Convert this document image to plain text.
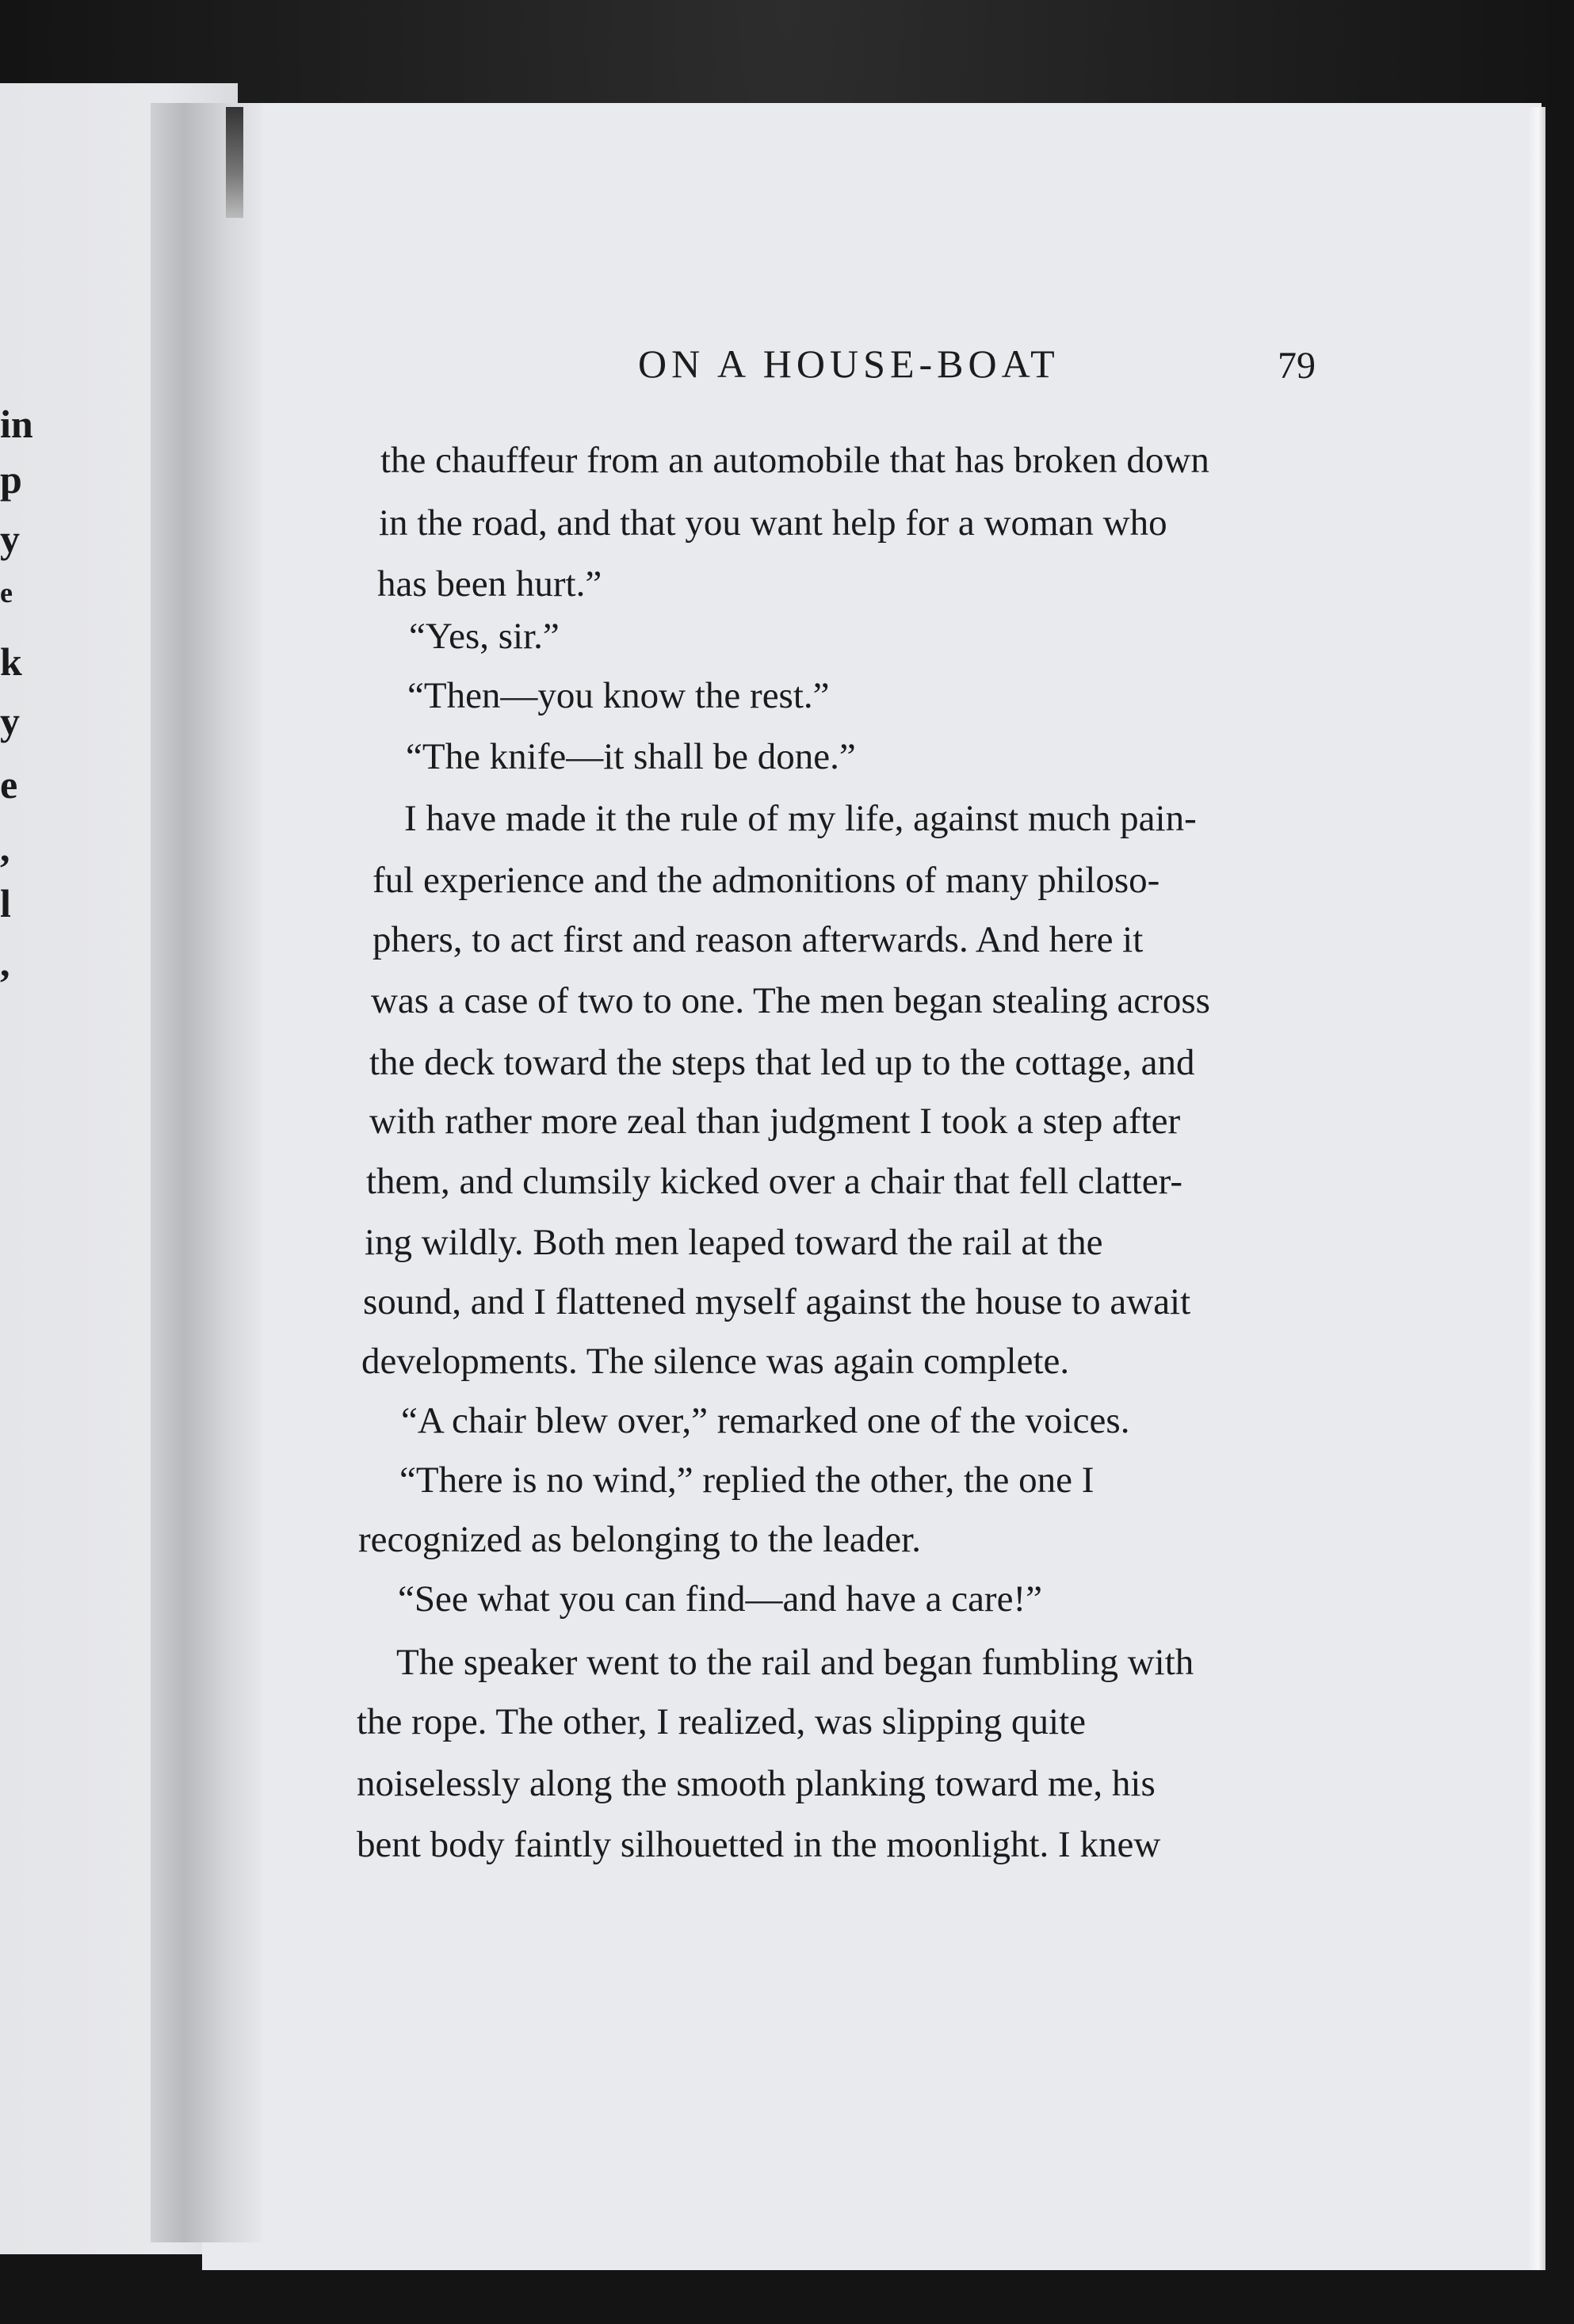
in
p
y
e
k
y
e
,
l
,
ON A HOUSE-BOAT	79
the chauffeur from an automobile that has broken down
in the road, and that you want help for a woman who
has been hurt.”
“Yes, sir.”
“Then—you know the rest.”
“The knife—it shall be done.”
I have made it the rule of my life, against much pain-
ful experience and the admonitions of many philoso-
phers, to act first and reason afterwards. And here it
was a case of two to one. The men began stealing across
the deck toward the steps that led up to the cottage, and
with rather more zeal than judgment I took a step after
them, and clumsily kicked over a chair that fell clatter-
ing wildly. Both men leaped toward the rail at the
sound, and I flattened myself against the house to await
developments. The silence was again complete.
“A chair blew over,” remarked one of the voices.
“There is no wind,” replied the other, the one I
recognized as belonging to the leader.
“See what you can find—and have a care!”
The speaker went to the rail and began fumbling with
the rope. The other, I realized, was slipping quite
noiselessly along the smooth planking toward me, his
bent body faintly silhouetted in the moonlight. I knew
